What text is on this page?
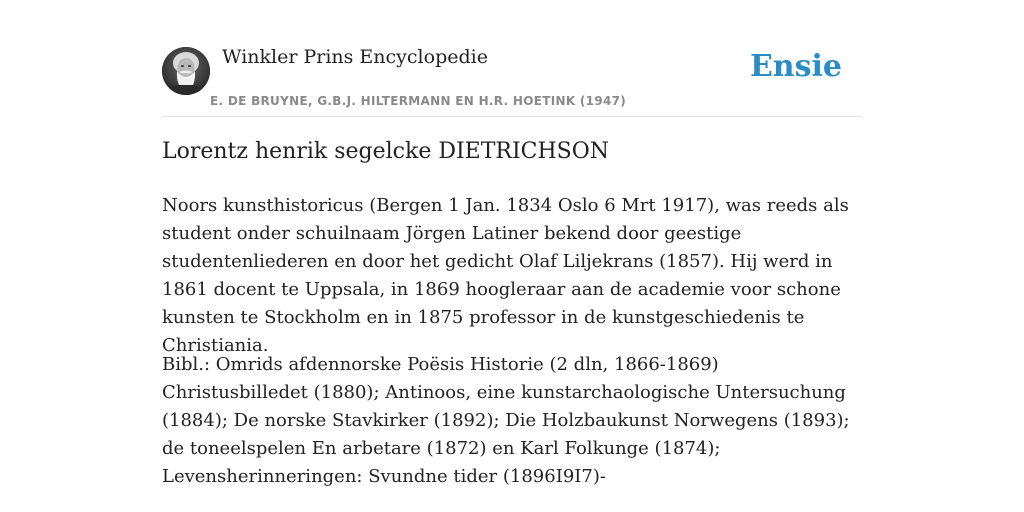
Winkler Prins Encyclopedie
E. DE BRUYNE, G.B.J. HILTERMANN EN H.R. HOETINK (1947)
Ensie
Lorentz henrik segelcke DIETRICHSON

Noors kunsthistoricus (Bergen 1 Jan. 1834 Oslo 6 Mrt 1917), was reeds als student onder schuilnaam Jörgen Latiner bekend door geestige studentenliederen en door het gedicht Olaf Liljekrans (1857). Hij werd in 1861 docent te Uppsala, in 1869 hoogleraar aan de academie voor schone kunsten te Stockholm en in 1875 professor in de kunstgeschiedenis te Christiania.

Bibl.: Omrids afdennorske Poësis Historie (2 dln, 1866-1869) Christusbilledet (1880); Antinoos, eine kunstarchaologische Untersuchung (1884); De norske Stavkirker (1892); Die Holzbaukunst Norwegens (1893); de toneelspelen En arbetare (1872) en Karl Folkunge (1874); Levensherinneringen: Svundne tider (1896I9I7)-
